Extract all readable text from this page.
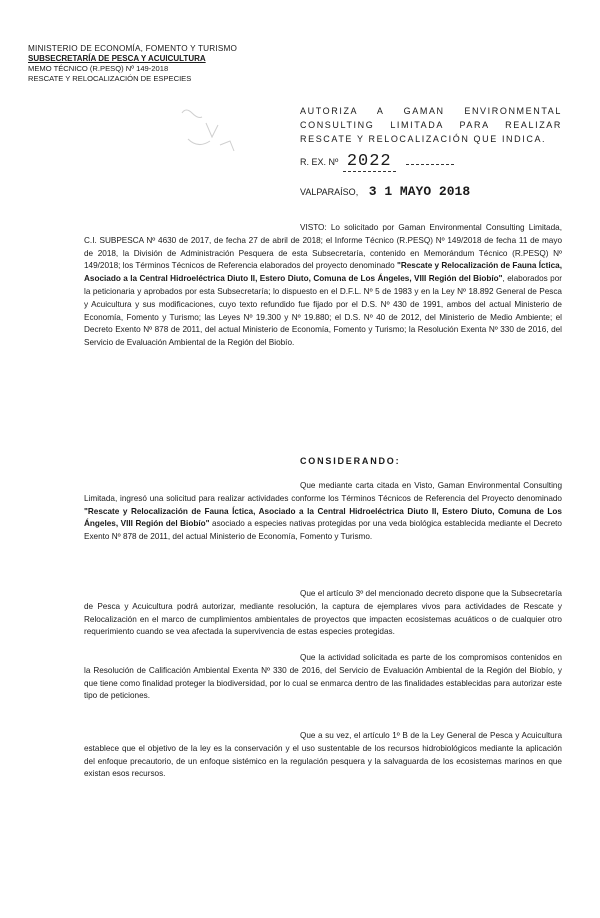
MINISTERIO DE ECONOMÍA, FOMENTO Y TURISMO
SUBSECRETARÍA DE PESCA Y ACUICULTURA
MEMO TÉCNICO (R.PESQ) Nº 149-2018
RESCATE Y RELOCALIZACIÓN DE ESPECIES
AUTORIZA A GAMAN ENVIRONMENTAL CONSULTING LIMITADA PARA REALIZAR RESCATE Y RELOCALIZACIÓN QUE INDICA.
R. EX. Nº 2022
VALPARAÍSO, 3 1 MAYO 2018
VISTO: Lo solicitado por Gaman Environmental Consulting Limitada, C.I. SUBPESCA Nº 4630 de 2017, de fecha 27 de abril de 2018; el Informe Técnico (R.PESQ) Nº 149/2018 de fecha 11 de mayo de 2018, la División de Administración Pesquera de esta Subsecretaría, contenido en Memorándum Técnico (R.PESQ) Nº 149/2018; los Términos Técnicos de Referencia elaborados del proyecto denominado "Rescate y Relocalización de Fauna Íctica, Asociado a la Central Hidroeléctrica Diuto II, Estero Diuto, Comuna de Los Ángeles, VIII Región del Biobío", elaborados por la peticionaria y aprobados por esta Subsecretaría; lo dispuesto en el D.F.L. Nº 5 de 1983 y en la Ley Nº 18.892 General de Pesca y Acuicultura y sus modificaciones, cuyo texto refundido fue fijado por el D.S. Nº 430 de 1991, ambos del actual Ministerio de Economía, Fomento y Turismo; las Leyes Nº 19.300 y Nº 19.880; el D.S. Nº 40 de 2012, del Ministerio de Medio Ambiente; el Decreto Exento Nº 878 de 2011, del actual Ministerio de Economía, Fomento y Turismo; la Resolución Exenta Nº 330 de 2016, del Servicio de Evaluación Ambiental de la Región del Biobío.
CONSIDERANDO:
Que mediante carta citada en Visto, Gaman Environmental Consulting Limitada, ingresó una solicitud para realizar actividades conforme los Términos Técnicos de Referencia del Proyecto denominado "Rescate y Relocalización de Fauna Íctica, Asociado a la Central Hidroeléctrica Diuto II, Estero Diuto, Comuna de Los Ángeles, VIII Región del Biobío" asociado a especies nativas protegidas por una veda biológica establecida mediante el Decreto Exento Nº 878 de 2011, del actual Ministerio de Economía, Fomento y Turismo.
Que el artículo 3º del mencionado decreto dispone que la Subsecretaría de Pesca y Acuicultura podrá autorizar, mediante resolución, la captura de ejemplares vivos para actividades de Rescate y Relocalización en el marco de cumplimientos ambientales de proyectos que impacten ecosistemas acuáticos o de cualquier otro requerimiento cuando se vea afectada la supervivencia de estas especies protegidas.
Que la actividad solicitada es parte de los compromisos contenidos en la Resolución de Calificación Ambiental Exenta Nº 330 de 2016, del Servicio de Evaluación Ambiental de la Región del Biobío, y que tiene como finalidad proteger la biodiversidad, por lo cual se enmarca dentro de las finalidades establecidas para autorizar este tipo de peticiones.
Que a su vez, el artículo 1º B de la Ley General de Pesca y Acuicultura establece que el objetivo de la ley es la conservación y el uso sustentable de los recursos hidrobiológicos mediante la aplicación del enfoque precautorio, de un enfoque sistémico en la regulación pesquera y la salvaguarda de los ecosistemas marinos en que existan esos recursos.
